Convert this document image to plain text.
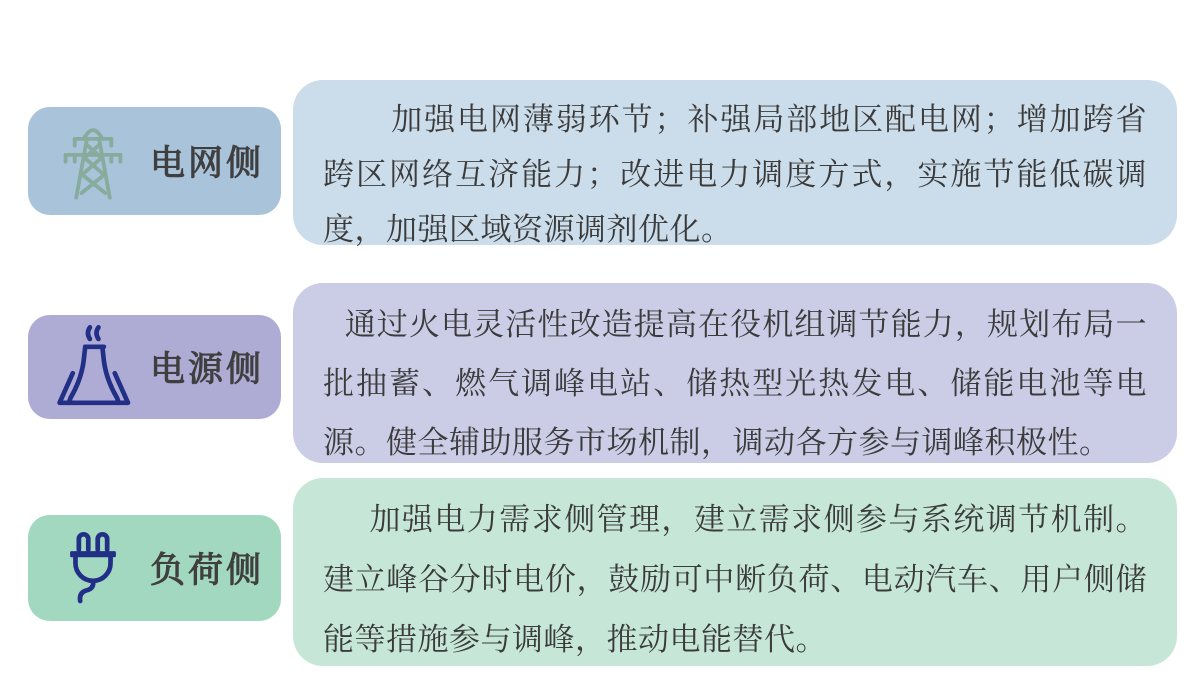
电网侧

加强电网薄弱环节；补强局部地区配电网；增加跨省跨区网络互济能力；改进电力调度方式，实施节能低碳调度，加强区域资源调剂优化。

电源侧

通过火电灵活性改造提高在役机组调节能力，规划布局一批抽蓄、燃气调峰电站、储热型光热发电、储能电池等电源。健全辅助服务市场机制，调动各方参与调峰积极性。

负荷侧

加强电力需求侧管理，建立需求侧参与系统调节机制。建立峰谷分时电价，鼓励可中断负荷、电动汽车、用户侧储能等措施参与调峰，推动电能替代。
